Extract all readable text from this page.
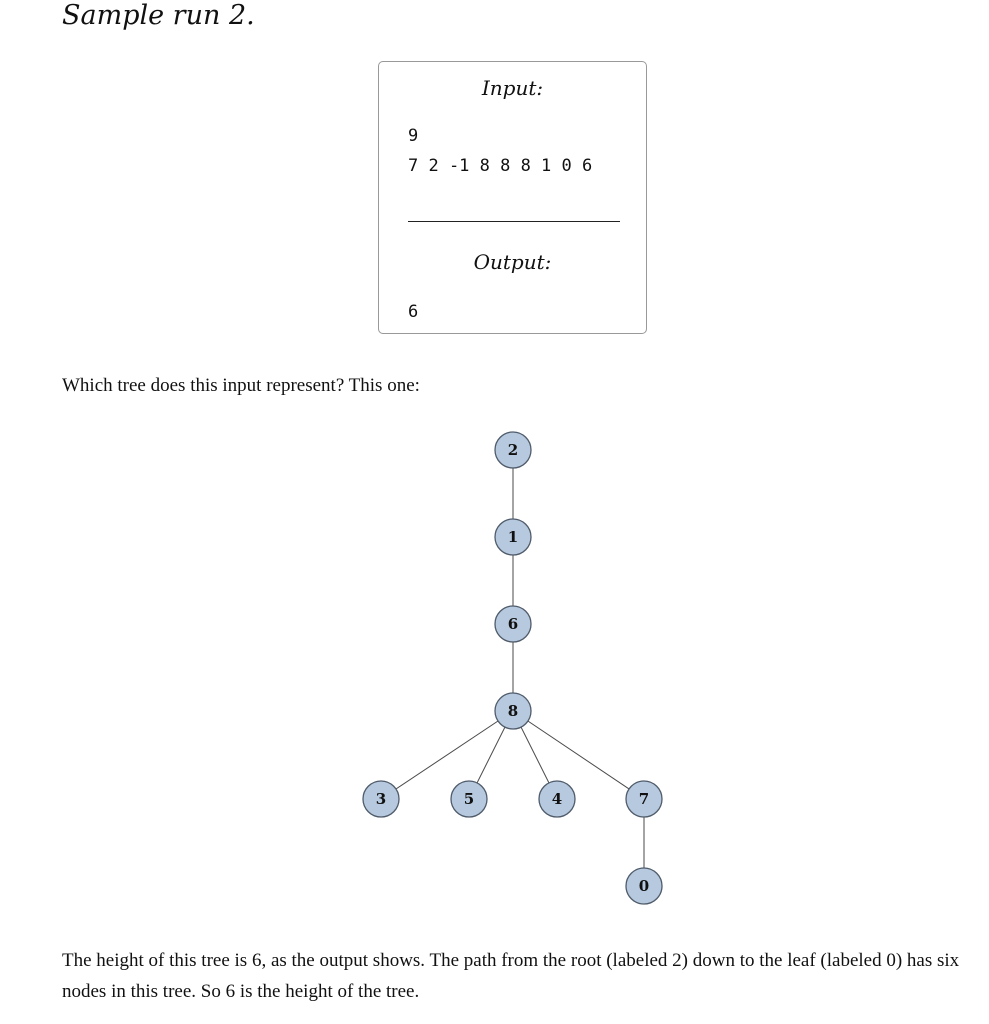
Sample run 2.
Input:
9
7 2 -1 8 8 8 1 0 6
Output:
6
Which tree does this input represent? This one:
2
1
6
8
3	5	4	7
0
The height of this tree is 6, as the output shows. The path from the root (labeled 2) down to the leaf (labeled 0) has six nodes in this tree. So 6 is the height of the tree.
